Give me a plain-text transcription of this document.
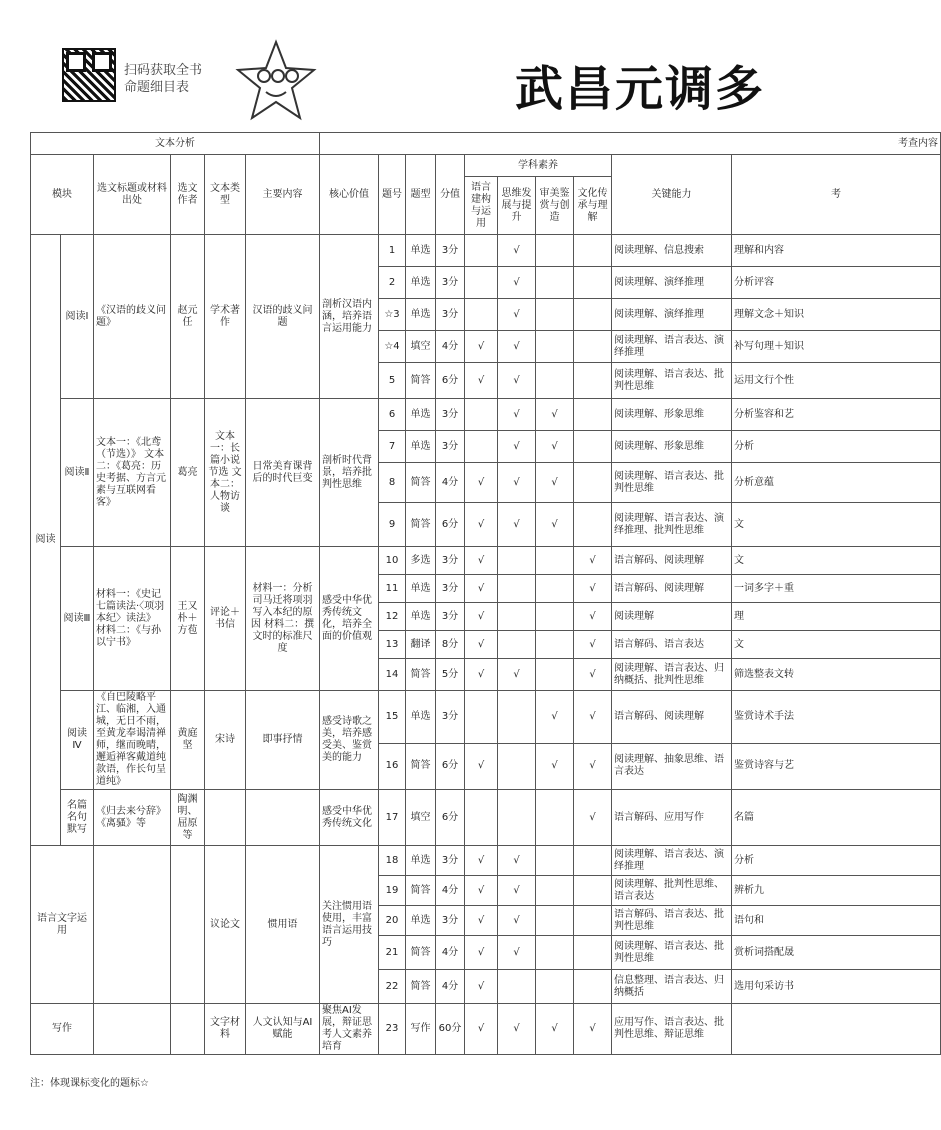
扫码获取全书
命题细目表	武昌元调多
文本分析						考查内容									
模块		选文标题或材料出处	选文作者	文本类型	主要内容	核心价值	题号	题型	分值	学科素养				关键能力	考
										语言建构与运用	思维发展与提升	审美鉴赏与创造	文化传承与理解		
阅读	阅读Ⅰ	《汉语的歧义问题》	赵元任	学术著作	汉语的歧义问题	剖析汉语内涵，培养语言运用能力	1	单选	3分		√			阅读理解、信息搜索	理解和内容
							2	单选	3分		√			阅读理解、演绎推理	分析评容
							☆3	单选	3分		√			阅读理解、演绎推理	理解文念＋知识
							☆4	填空	4分	√	√			阅读理解、语言表达、演绎推理	补写句理＋知识
							5	简答	6分	√	√			阅读理解、语言表达、批判性思维	运用文行个性
	阅读Ⅱ	文本一：《北鸢（节选）》 文本二：《葛亮：历史考据、方言元素与互联网看客》	葛亮	文本一：长篇小说节选 文本二：人物访谈	日常美育课背后的时代巨变	剖析时代背景，培养批判性思维	6	单选	3分		√	√		阅读理解、形象思维	分析鉴容和艺
							7	单选	3分		√	√		阅读理解、形象思维	分析
							8	简答	4分	√	√	√		阅读理解、语言表达、批判性思维	分析意蕴
							9	简答	6分	√	√	√		阅读理解、语言表达、演绎推理、批判性思维	文
	阅读Ⅲ	材料一：《史记七篇读法·〈项羽本纪〉读法》 材料二：《与孙以宁书》	王又朴＋方苞	评论＋书信	材料一：分析司马迁将项羽写入本纪的原因 材料二：撰文时的标准尺度	感受中华优秀传统文化，培养全面的价值观	10	多选	3分	√			√	语言解码、阅读理解	文
							11	单选	3分	√			√	语言解码、阅读理解	一词多字＋重
							12	单选	3分	√			√	阅读理解	理
							13	翻译	8分	√			√	语言解码、语言表达	文
							14	简答	5分	√	√		√	阅读理解、语言表达、归纳概括、批判性思维	筛选整表文转
	阅读Ⅳ	《自巴陵略平江、临湘，入通城，无日不雨，至黄龙奉谒清禅师，继而晚晴，邂逅禅客戴道纯款语，作长句呈道纯》	黄庭坚	宋诗	即事抒情	感受诗歌之美，培养感受美、鉴赏美的能力	15	单选	3分			√	√	语言解码、阅读理解	鉴赏诗术手法
							16	简答	6分	√		√	√	阅读理解、抽象思维、语言表达	鉴赏诗容与艺
	名篇名句默写	《归去来兮辞》《离骚》等	陶渊明、屈原等			感受中华优秀传统文化	17	填空	6分				√	语言解码、应用写作	名篇
语言文字运用				议论文	惯用语	关注惯用语使用，丰富语言运用技巧	18	单选	3分	√	√			阅读理解、语言表达、演绎推理	分析
							19	简答	4分	√	√			阅读理解、批判性思维、语言表达	辨析九
							20	单选	3分	√	√			语言解码、语言表达、批判性思维	语句和
							21	简答	4分	√	√			阅读理解、语言表达、批判性思维	赏析词搭配晟
							22	简答	4分	√				信息整理、语言表达、归纳概括	选用句采访书
写作				文字材料	人文认知与AI赋能	聚焦AI发展，辩证思考人文素养培育	23	写作	60分	√	√	√	√	应用写作、语言表达、批判性思维、辩证思维	
注：体现课标变化的题标☆
